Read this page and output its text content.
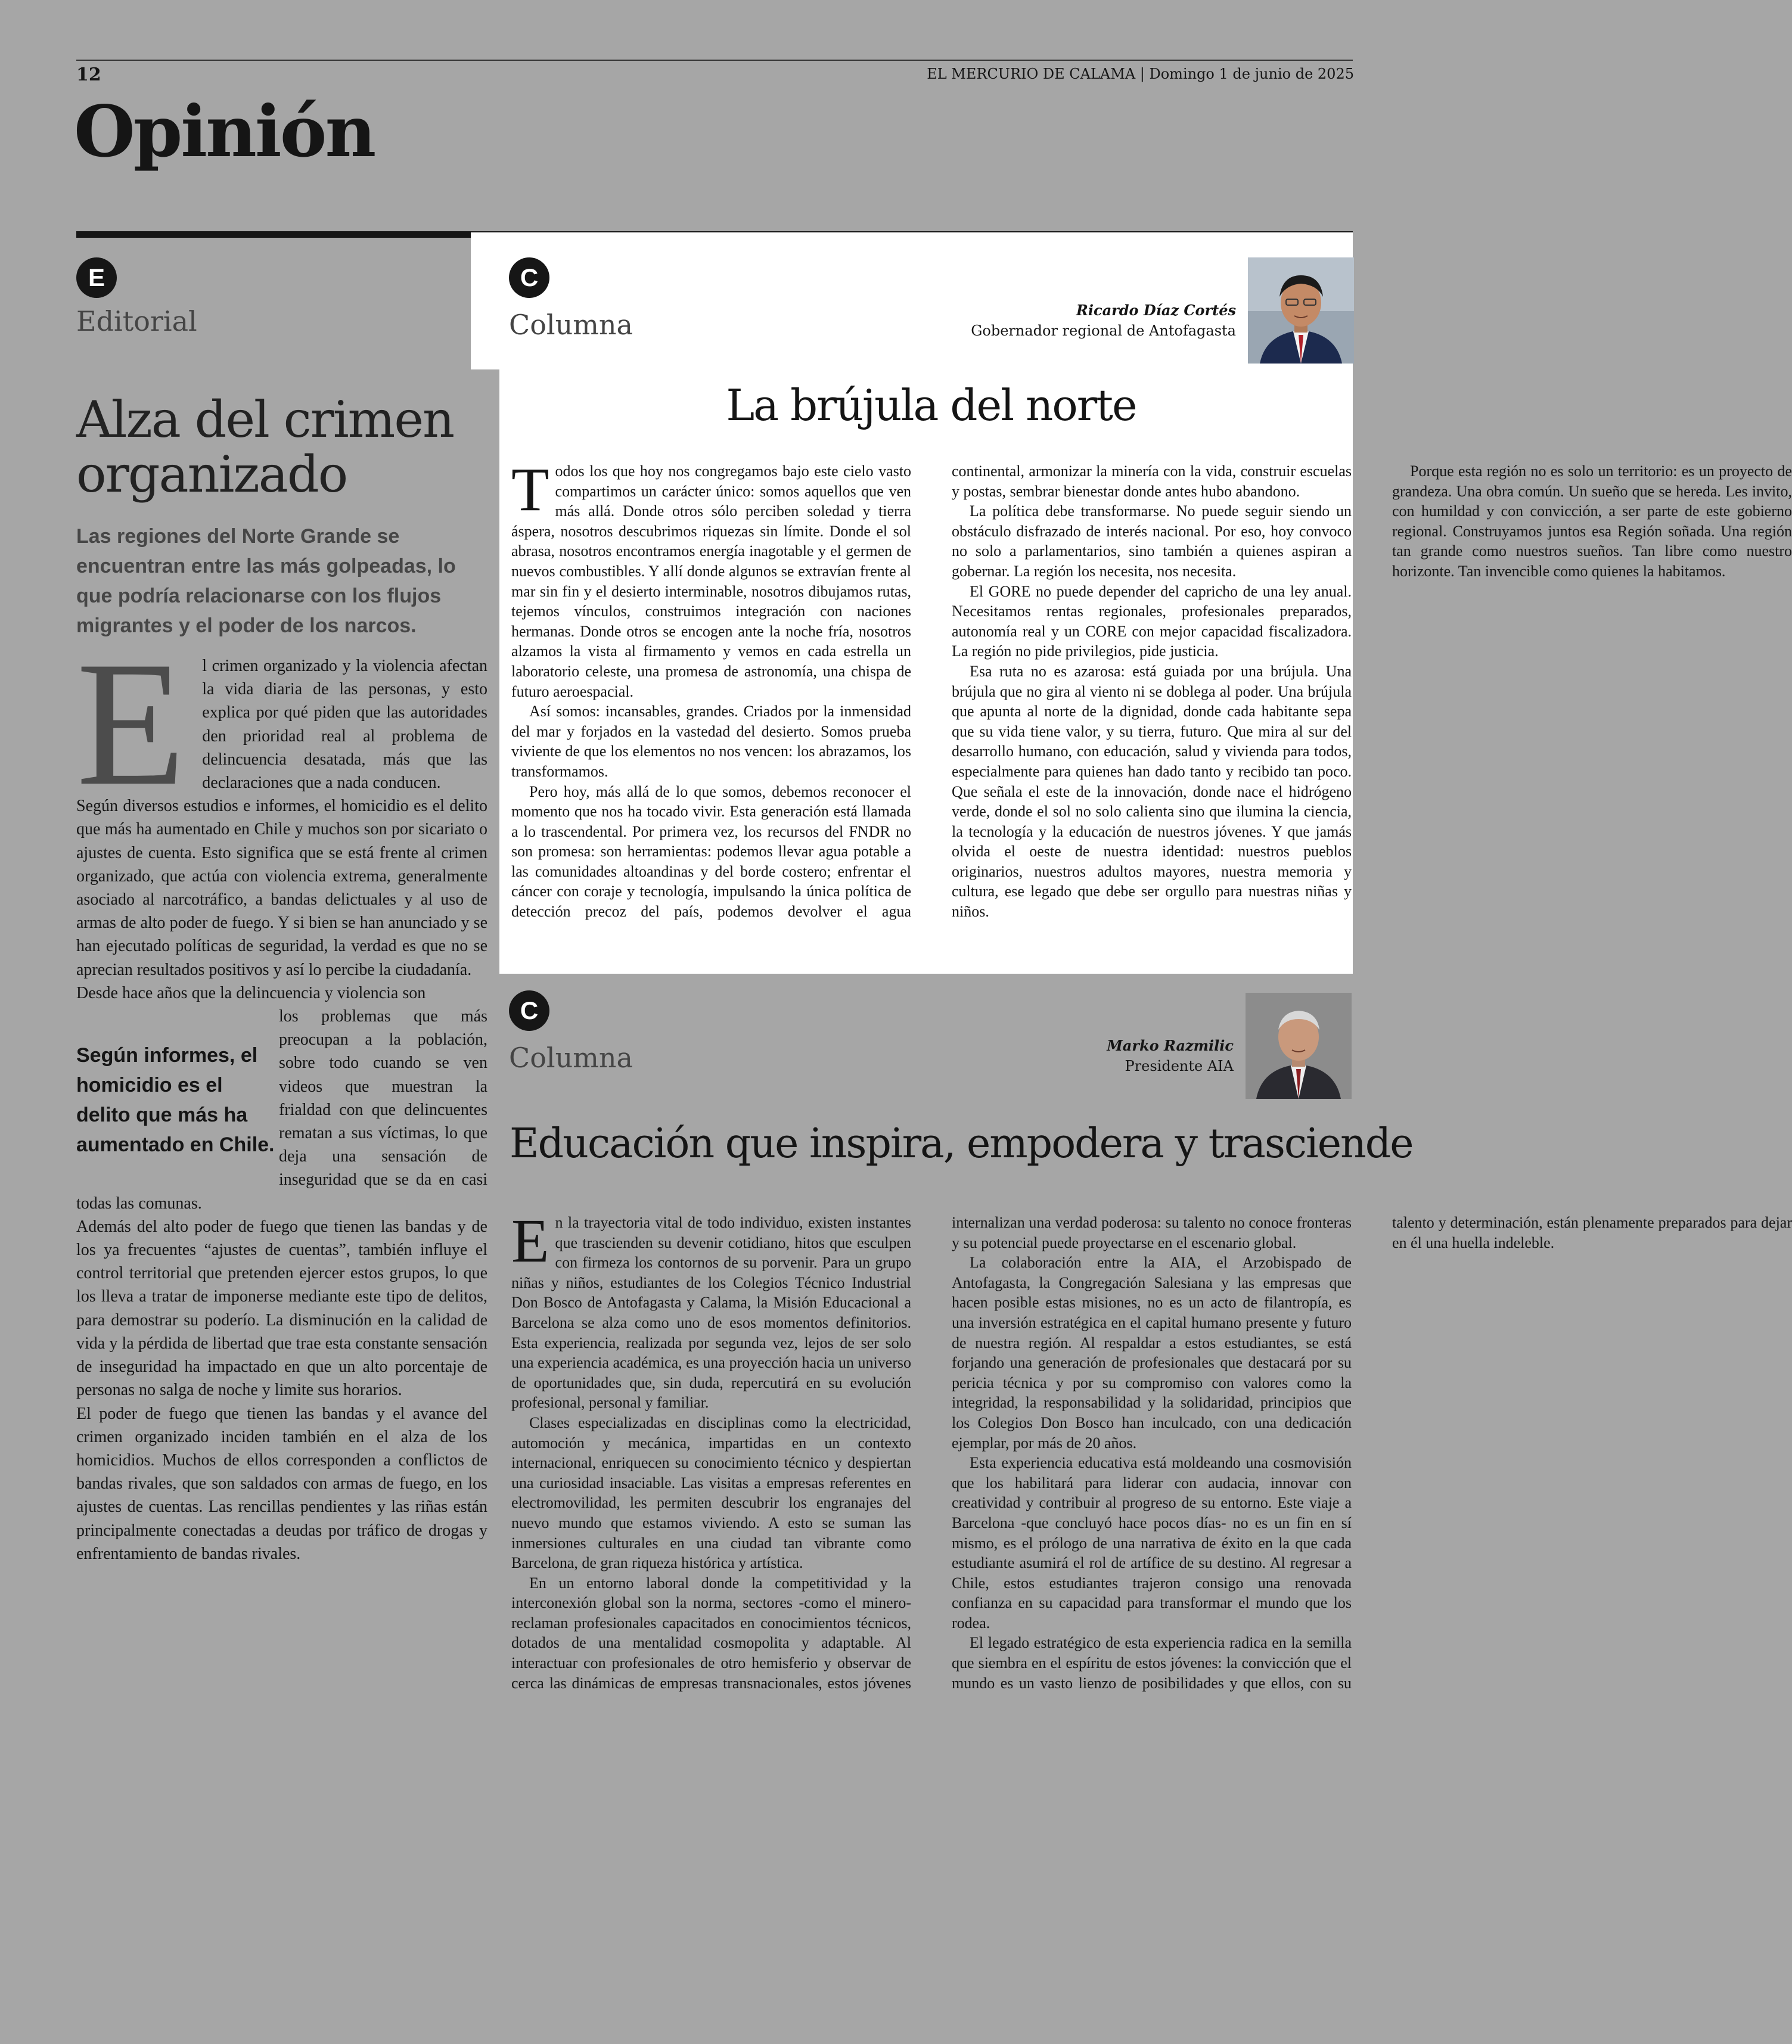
12	EL MERCURIO DE CALAMA | Domingo 1 de junio de 2025
Opinión
E
Editorial
Alza del crimen organizado
Las regiones del Norte Grande se encuentran entre las más golpeadas, lo que podría relacionarse con los flujos migrantes y el poder de los narcos.
E	l crimen organizado y la violencia afectan la vida diaria de las personas, y esto explica por qué piden que las autoridades den prioridad real al problema de delincuencia desatada, más que las declaraciones que a nada conducen.

Según diversos estudios e informes, el homicidio es el delito que más ha aumentado en Chile y muchos son por sicariato o ajustes de cuenta. Esto significa que se está frente al crimen organizado, que actúa con violencia extrema, generalmente asociado al narcotráfico, a bandas delictuales y al uso de armas de alto poder de fuego. Y si bien se han anunciado y se han ejecutado políticas de seguridad, la verdad es que no se aprecian resultados positivos y así lo percibe la ciudadanía.

Desde hace años que la delincuencia y violencia son

Según informes, el homicidio es el delito que más ha aumentado en Chile.

los problemas que más preocupan a la población, sobre todo cuando se ven videos que muestran la frialdad con que delincuentes rematan a sus víctimas, lo que deja una sensación de inseguridad que se da en casi todas las comunas.

Además del alto poder de fuego que tienen las bandas y de los ya frecuentes “ajustes de cuentas”, también influye el control territorial que pretenden ejercer estos grupos, lo que los lleva a tratar de imponerse mediante este tipo de delitos, para demostrar su poderío. La disminución en la calidad de vida y la pérdida de libertad que trae esta constante sensación de inseguridad ha impactado en que un alto porcentaje de personas no salga de noche y limite sus horarios.

El poder de fuego que tienen las bandas y el avance del crimen organizado inciden también en el alza de los homicidios. Muchos de ellos corresponden a conflictos de bandas rivales, que son saldados con armas de fuego, en los ajustes de cuentas. Las rencillas pendientes y las riñas están principalmente conectadas a deudas por tráfico de drogas y enfrentamiento de bandas rivales.

C
Columna	Ricardo Díaz Cortés
Gobernador regional de Antofagasta
La brújula del norte

Todos los que hoy nos congregamos bajo este cielo vasto compartimos un carácter único: somos aquellos que ven más allá. Donde otros sólo perciben soledad y tierra áspera, nosotros descubrimos riquezas sin límite. Donde el sol abrasa, nosotros encontramos energía inagotable y el germen de nuevos combustibles. Y allí donde algunos se extravían frente al mar sin fin y el desierto interminable, nosotros dibujamos rutas, tejemos vínculos, construimos integración con naciones hermanas. Donde otros se encogen ante la noche fría, nosotros alzamos la vista al firmamento y vemos en cada estrella un laboratorio celeste, una promesa de astronomía, una chispa de futuro aeroespacial.

Así somos: incansables, grandes. Criados por la inmensidad del mar y forjados en la vastedad del desierto. Somos prueba viviente de que los elementos no nos vencen: los abrazamos, los transformamos.

Pero hoy, más allá de lo que somos, debemos reconocer el momento que nos ha tocado vivir. Esta generación está llamada a lo trascendental. Por primera vez, los recursos del FNDR no son promesa: son herramientas: podemos llevar agua potable a las comunidades altoandinas y del borde costero; enfrentar el cáncer con coraje y tecnología, impulsando la única política de detección precoz del país, podemos devolver el agua continental, armonizar la minería con la vida, construir escuelas y postas, sembrar bienestar donde antes hubo abandono.

La política debe transformarse. No puede seguir siendo un obstáculo disfrazado de interés nacional. Por eso, hoy convoco no solo a parlamentarios, sino también a quienes aspiran a gobernar. La región los necesita, nos necesita.

El GORE no puede depender del capricho de una ley anual. Necesitamos rentas regionales, profesionales preparados, autonomía real y un CORE con mejor capacidad fiscalizadora. La región no pide privilegios, pide justicia.

Esa ruta no es azarosa: está guiada por una brújula. Una brújula que no gira al viento ni se doblega al poder. Una brújula que apunta al norte de la dignidad, donde cada habitante sepa que su vida tiene valor, y su tierra, futuro. Que mira al sur del desarrollo humano, con educación, salud y vivienda para todos, especialmente para quienes han dado tanto y recibido tan poco. Que señala el este de la innovación, donde nace el hidrógeno verde, donde el sol no solo calienta sino que ilumina la ciencia, la tecnología y la educación de nuestros jóvenes. Y que jamás olvida el oeste de nuestra identidad: nuestros pueblos originarios, nuestros adultos mayores, nuestra memoria y cultura, ese legado que debe ser orgullo para nuestras niñas y niños.

Porque esta región no es solo un territorio: es un proyecto de grandeza. Una obra común. Un sueño que se hereda. Les invito, con humildad y con convicción, a ser parte de este gobierno regional. Construyamos juntos esa Región soñada. Una región tan grande como nuestros sueños. Tan libre como nuestro horizonte. Tan invencible como quienes la habitamos.

C
Columna	Marko Razmilic
Presidente AIA
Educación que inspira, empodera y trasciende

En la trayectoria vital de todo individuo, existen instantes que trascienden su devenir cotidiano, hitos que esculpen con firmeza los contornos de su porvenir. Para un grupo niñas y niños, estudiantes de los Colegios Técnico Industrial Don Bosco de Antofagasta y Calama, la Misión Educacional a Barcelona se alza como uno de esos momentos definitorios. Esta experiencia, realizada por segunda vez, lejos de ser solo una experiencia académica, es una proyección hacia un universo de oportunidades que, sin duda, repercutirá en su evolución profesional, personal y familiar.

Clases especializadas en disciplinas como la electricidad, automoción y mecánica, impartidas en un contexto internacional, enriquecen su conocimiento técnico y despiertan una curiosidad insaciable. Las visitas a empresas referentes en electromovilidad, les permiten descubrir los engranajes del nuevo mundo que estamos viviendo. A esto se suman las inmersiones culturales en una ciudad tan vibrante como Barcelona, de gran riqueza histórica y artística.

En un entorno laboral donde la competitividad y la interconexión global son la norma, sectores -como el minero- reclaman profesionales capacitados en conocimientos técnicos, dotados de una mentalidad cosmopolita y adaptable. Al interactuar con profesionales de otro hemisferio y observar de cerca las dinámicas de empresas transnacionales, estos jóvenes internalizan una verdad poderosa: su talento no conoce fronteras y su potencial puede proyectarse en el escenario global.

La colaboración entre la AIA, el Arzobispado de Antofagasta, la Congregación Salesiana y las empresas que hacen posible estas misiones, no es un acto de filantropía, es una inversión estratégica en el capital humano presente y futuro de nuestra región. Al respaldar a estos estudiantes, se está forjando una generación de profesionales que destacará por su pericia técnica y por su compromiso con valores como la integridad, la responsabilidad y la solidaridad, principios que los Colegios Don Bosco han inculcado, con una dedicación ejemplar, por más de 20 años.

Esta experiencia educativa está moldeando una cosmovisión que los habilitará para liderar con audacia, innovar con creatividad y contribuir al progreso de su entorno. Este viaje a Barcelona -que concluyó hace pocos días- no es un fin en sí mismo, es el prólogo de una narrativa de éxito en la que cada estudiante asumirá el rol de artífice de su destino. Al regresar a Chile, estos estudiantes trajeron consigo una renovada confianza en su capacidad para transformar el mundo que los rodea.

El legado estratégico de esta experiencia radica en la semilla que siembra en el espíritu de estos jóvenes: la convicción que el mundo es un vasto lienzo de posibilidades y que ellos, con su talento y determinación, están plenamente preparados para dejar en él una huella indeleble.
